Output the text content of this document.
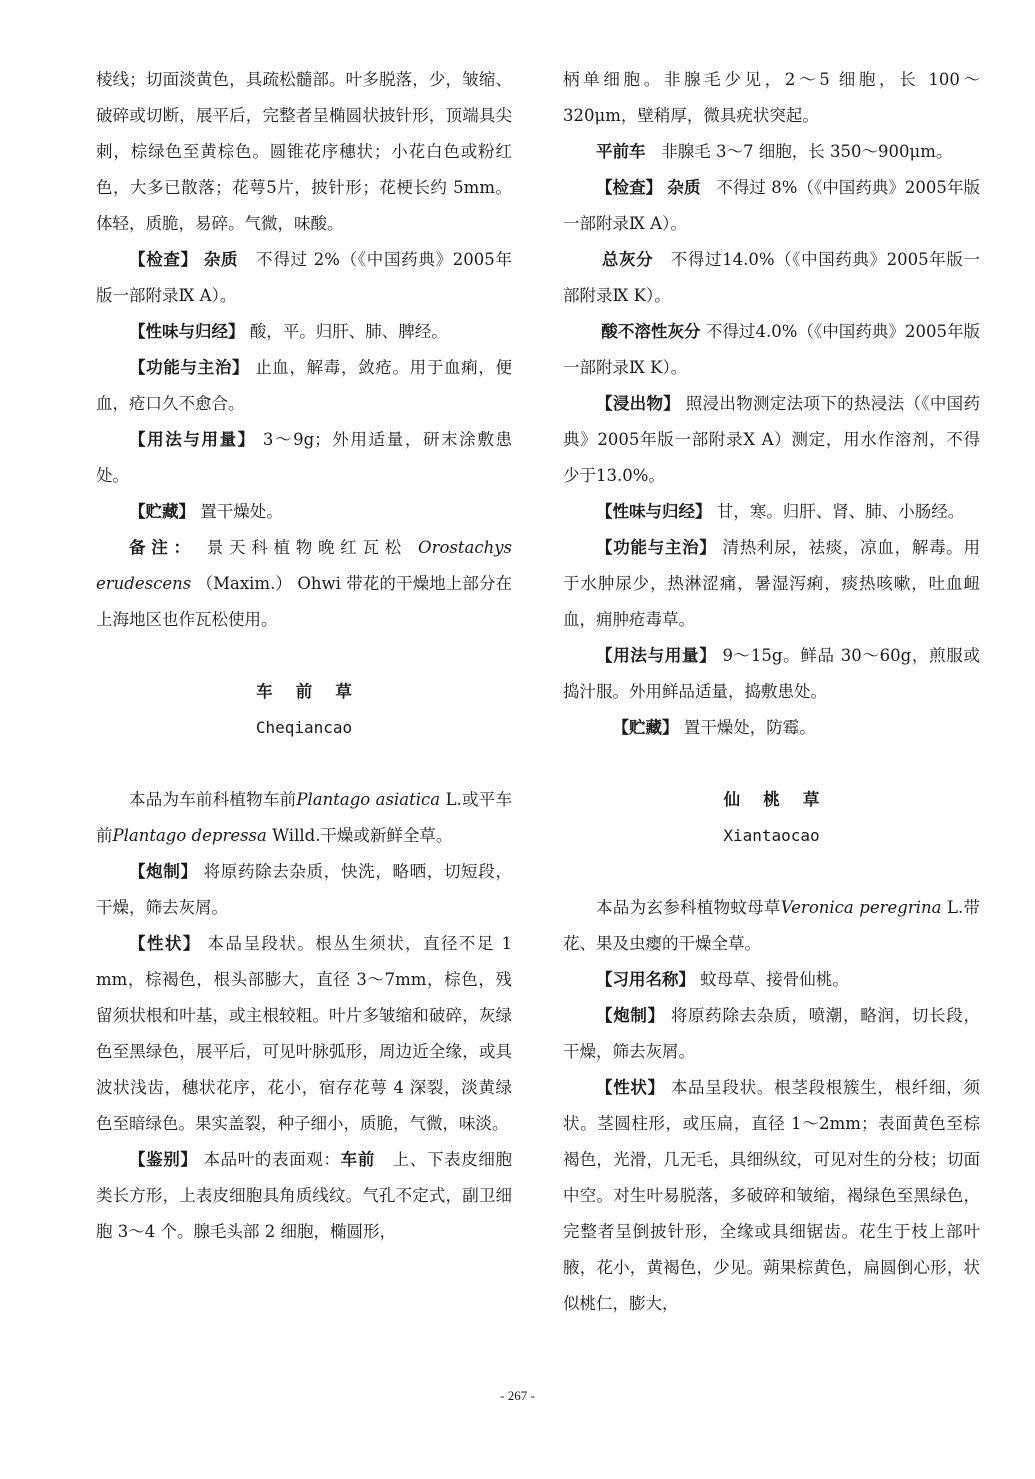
棱线；切面淡黄色，具疏松髓部。叶多脱落，少，皱缩、破碎或切断，展平后，完整者呈椭圆状披针形，顶端具尖刺，棕绿色至黄棕色。圆锥花序穗状；小花白色或粉红色，大多已散落；花萼5片，披针形；花梗长约 5mm。体轻，质脆，易碎。气微，味酸。

【检查】 杂质 不得过 2%（《中国药典》2005年版一部附录Ⅸ A）。

【性味与归经】 酸，平。归肝、肺、脾经。

【功能与主治】 止血，解毒，敛疮。用于血痢，便血，疮口久不愈合。

【用法与用量】 3～9g；外用适量，研末涂敷患处。

【贮藏】 置干燥处。

备注： 景天科植物晚红瓦松 Orostachys erudescens （Maxim.） Ohwi 带花的干燥地上部分在上海地区也作瓦松使用。

车前草

Cheqiancao

本品为车前科植物车前Plantago asiatica L.或平车前Plantago depressa Willd.干燥或新鲜全草。

【炮制】 将原药除去杂质，快洗，略晒，切短段，干燥，筛去灰屑。

【性状】 本品呈段状。根丛生须状，直径不足 1 mm，棕褐色，根头部膨大，直径 3～7mm，棕色，残留须状根和叶基，或主根较粗。叶片多皱缩和破碎，灰绿色至黑绿色，展平后，可见叶脉弧形，周边近全缘，或具波状浅齿，穗状花序，花小，宿存花萼 4 深裂，淡黄绿色至暗绿色。果实盖裂，种子细小，质脆，气微，味淡。

【鉴别】 本品叶的表面观：车前 上、下表皮细胞类长方形，上表皮细胞具角质线纹。气孔不定式，副卫细胞 3～4 个。腺毛头部 2 细胞，椭圆形，

柄单细胞。非腺毛少见，2～5 细胞，长 100～320μm，壁稍厚，微具疣状突起。

平前车 非腺毛 3～7 细胞，长 350～900μm。

【检查】 杂质 不得过 8%（《中国药典》2005年版一部附录Ⅸ A）。

总灰分 不得过14.0%（《中国药典》2005年版一部附录Ⅸ K）。

酸不溶性灰分 不得过4.0%（《中国药典》2005年版一部附录Ⅸ K）。

【浸出物】 照浸出物测定法项下的热浸法（《中国药典》2005年版一部附录Ⅹ A）测定，用水作溶剂，不得少于13.0%。

【性味与归经】 甘，寒。归肝、肾、肺、小肠经。

【功能与主治】 清热利尿，祛痰，凉血，解毒。用于水肿尿少，热淋涩痛，暑湿泻痢，痰热咳嗽，吐血衄血，痈肿疮毒草。

【用法与用量】 9～15g。鲜品 30～60g，煎服或捣汁服。外用鲜品适量，捣敷患处。

【贮藏】 置干燥处，防霉。

仙桃草

Xiantaocao

本品为玄参科植物蚊母草Veronica peregrina L.带花、果及虫瘿的干燥全草。

【习用名称】 蚊母草、接骨仙桃。

【炮制】 将原药除去杂质，喷潮，略润，切长段，干燥，筛去灰屑。

【性状】 本品呈段状。根茎段根簇生，根纤细，须状。茎圆柱形，或压扁，直径 1～2mm；表面黄色至棕褐色，光滑，几无毛，具细纵纹，可见对生的分枝；切面中空。对生叶易脱落，多破碎和皱缩，褐绿色至黑绿色，完整者呈倒披针形，全缘或具细锯齿。花生于枝上部叶腋，花小，黄褐色，少见。蒴果棕黄色，扁圆倒心形，状似桃仁，膨大，

- 267 -
